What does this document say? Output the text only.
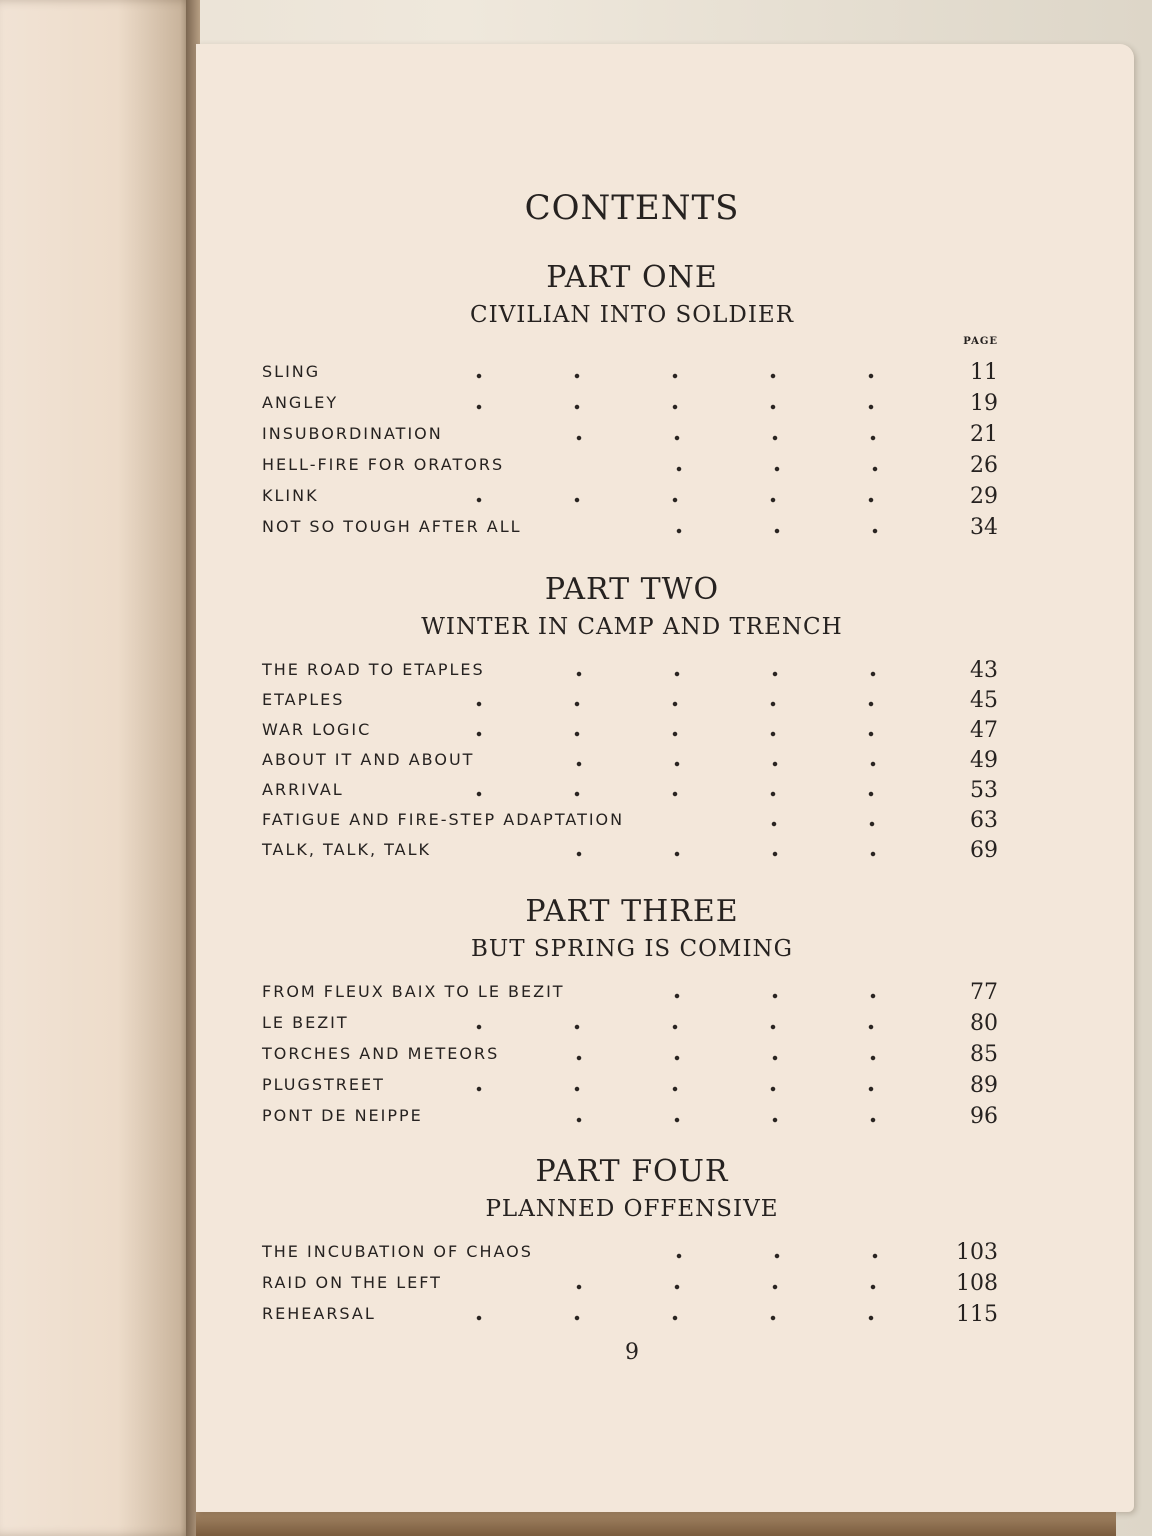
CONTENTS
PART ONE
CIVILIAN INTO SOLDIER
PAGE
SLING	11
ANGLEY	19
INSUBORDINATION	21
HELL-FIRE FOR ORATORS	26
KLINK	29
NOT SO TOUGH AFTER ALL	34
PART TWO
WINTER IN CAMP AND TRENCH
THE ROAD TO ETAPLES	43
ETAPLES	45
WAR LOGIC	47
ABOUT IT AND ABOUT	49
ARRIVAL	53
FATIGUE AND FIRE-STEP ADAPTATION	63
TALK, TALK, TALK	69
PART THREE
BUT SPRING IS COMING
FROM FLEUX BAIX TO LE BEZIT	77
LE BEZIT	80
TORCHES AND METEORS	85
PLUGSTREET	89
PONT DE NEIPPE	96
PART FOUR
PLANNED OFFENSIVE
THE INCUBATION OF CHAOS	103
RAID ON THE LEFT	108
REHEARSAL	115
9
